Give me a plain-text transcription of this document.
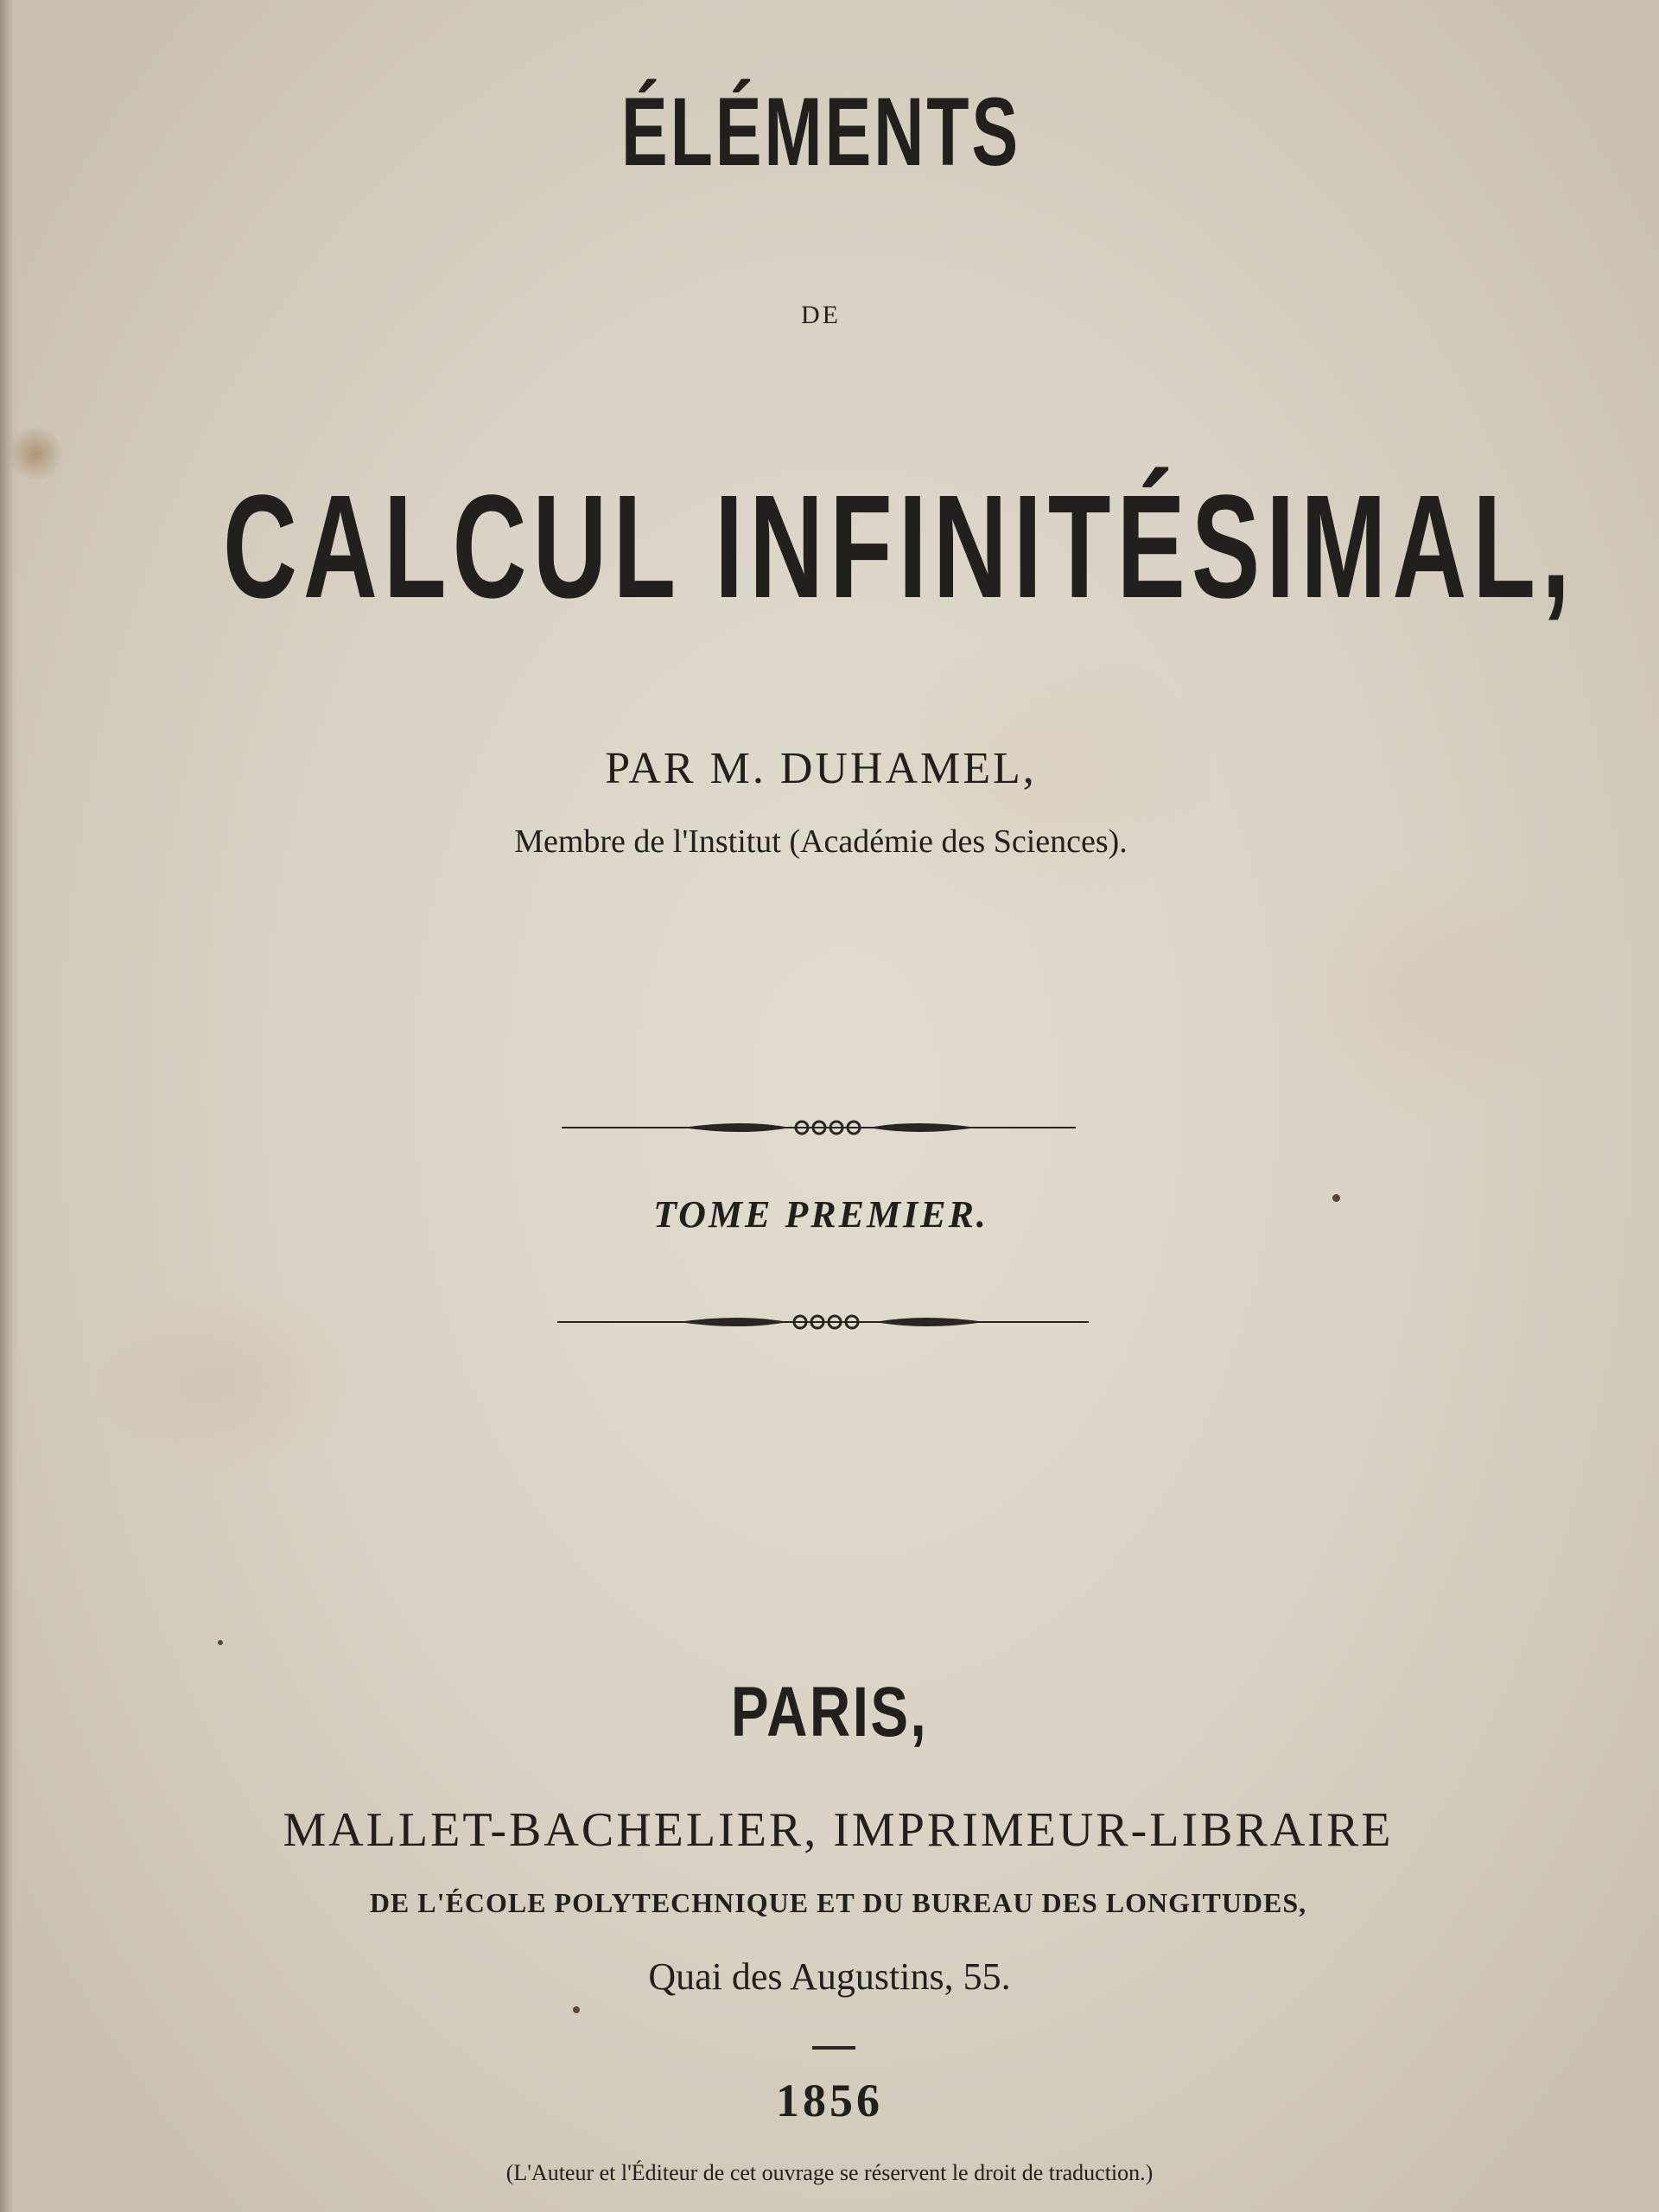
ÉLÉMENTS
DE
CALCUL INFINITÉSIMAL,
PAR M. DUHAMEL,
Membre de l'Institut (Académie des Sciences).
TOME PREMIER.
PARIS,
MALLET-BACHELIER, IMPRIMEUR-LIBRAIRE
DE L'ÉCOLE POLYTECHNIQUE ET DU BUREAU DES LONGITUDES,
Quai des Augustins, 55.
1856
(L'Auteur et l'Éditeur de cet ouvrage se réservent le droit de traduction.)
